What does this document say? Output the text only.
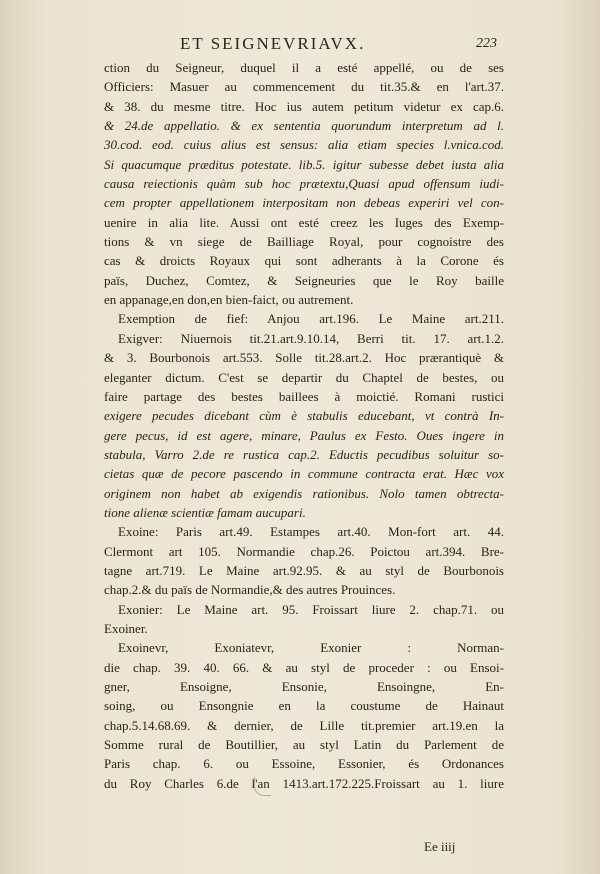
ET SEIGNEVRIAVX.	223
ction du Seigneur, duquel il a esté appellé, ou de ses
Officiers: Masuer au commencement du tit.35.& en l'art.37.
& 38. du mesme titre. Hoc ius autem petitum videtur ex cap.6.
& 24.de appellatio. & ex sententia quorundum interpretum ad l.
30.cod. eod. cuius alius est sensus: alia etiam species l.vnica.cod.
Si quacumque præditus potestate. lib.5. igitur subesse debet iusta alia
causa reiectionis quàm sub hoc prætextu,Quasi apud offensum iudi-
cem propter appellationem interpositam non debeas experiri vel con-
uenire in alia lite. Aussi ont esté creez les Iuges des Exemp-
tions & vn siege de Bailliage Royal, pour cognoistre des
cas & droicts Royaux qui sont adherants à la Corone és
païs, Duchez, Comtez, & Seigneuries que le Roy baille
en appanage,en don,en bien-faict, ou autrement.
Exemption de fief: Anjou art.196. Le Maine art.211.
Exigver: Niuernois tit.21.art.9.10.14, Berri tit. 17. art.1.2.
& 3. Bourbonois art.553. Solle tit.28.art.2. Hoc prærantiquè &
eleganter dictum. C'est se departir du Chaptel de bestes, ou
faire partage des bestes baillees à moictié. Romani rustici
exigere pecudes dicebant cùm è stabulis educebant, vt contrà In-
gere pecus, id est agere, minare, Paulus ex Festo. Oues ingere in
stabula, Varro 2.de re rustica cap.2. Eductis pecudibus soluitur so-
cietas quæ de pecore pascendo in commune contracta erat. Hæc vox
originem non habet ab exigendis rationibus. Nolo tamen obtrecta-
tione alienæ scientiæ famam aucupari.
Exoine: Paris art.49. Estampes art.40. Mon-fort art. 44.
Clermont art 105. Normandie chap.26. Poictou art.394. Bre-
tagne art.719. Le Maine art.92.95. & au styl de Bourbonois
chap.2.& du païs de Normandie,& des autres Prouinces.
Exonier: Le Maine art. 95. Froissart liure 2. chap.71. ou
Exoiner.
Exoinevr, Exoniatevr, Exonier : Norman-
die chap. 39. 40. 66. & au styl de proceder : ou Ensoi-
gner, Ensoigne, Ensonie, Ensoingne, En-
soing, ou Ensongnie en la coustume de Hainaut
chap.5.14.68.69. & dernier, de Lille tit.premier art.19.en la
Somme rural de Boutillier, au styl Latin du Parlement de
Paris chap. 6. ou Essoine, Essonier, és Ordonances
du Roy Charles 6.de l'an 1413.art.172.225.Froissart au 1. liure
Ee iiij
